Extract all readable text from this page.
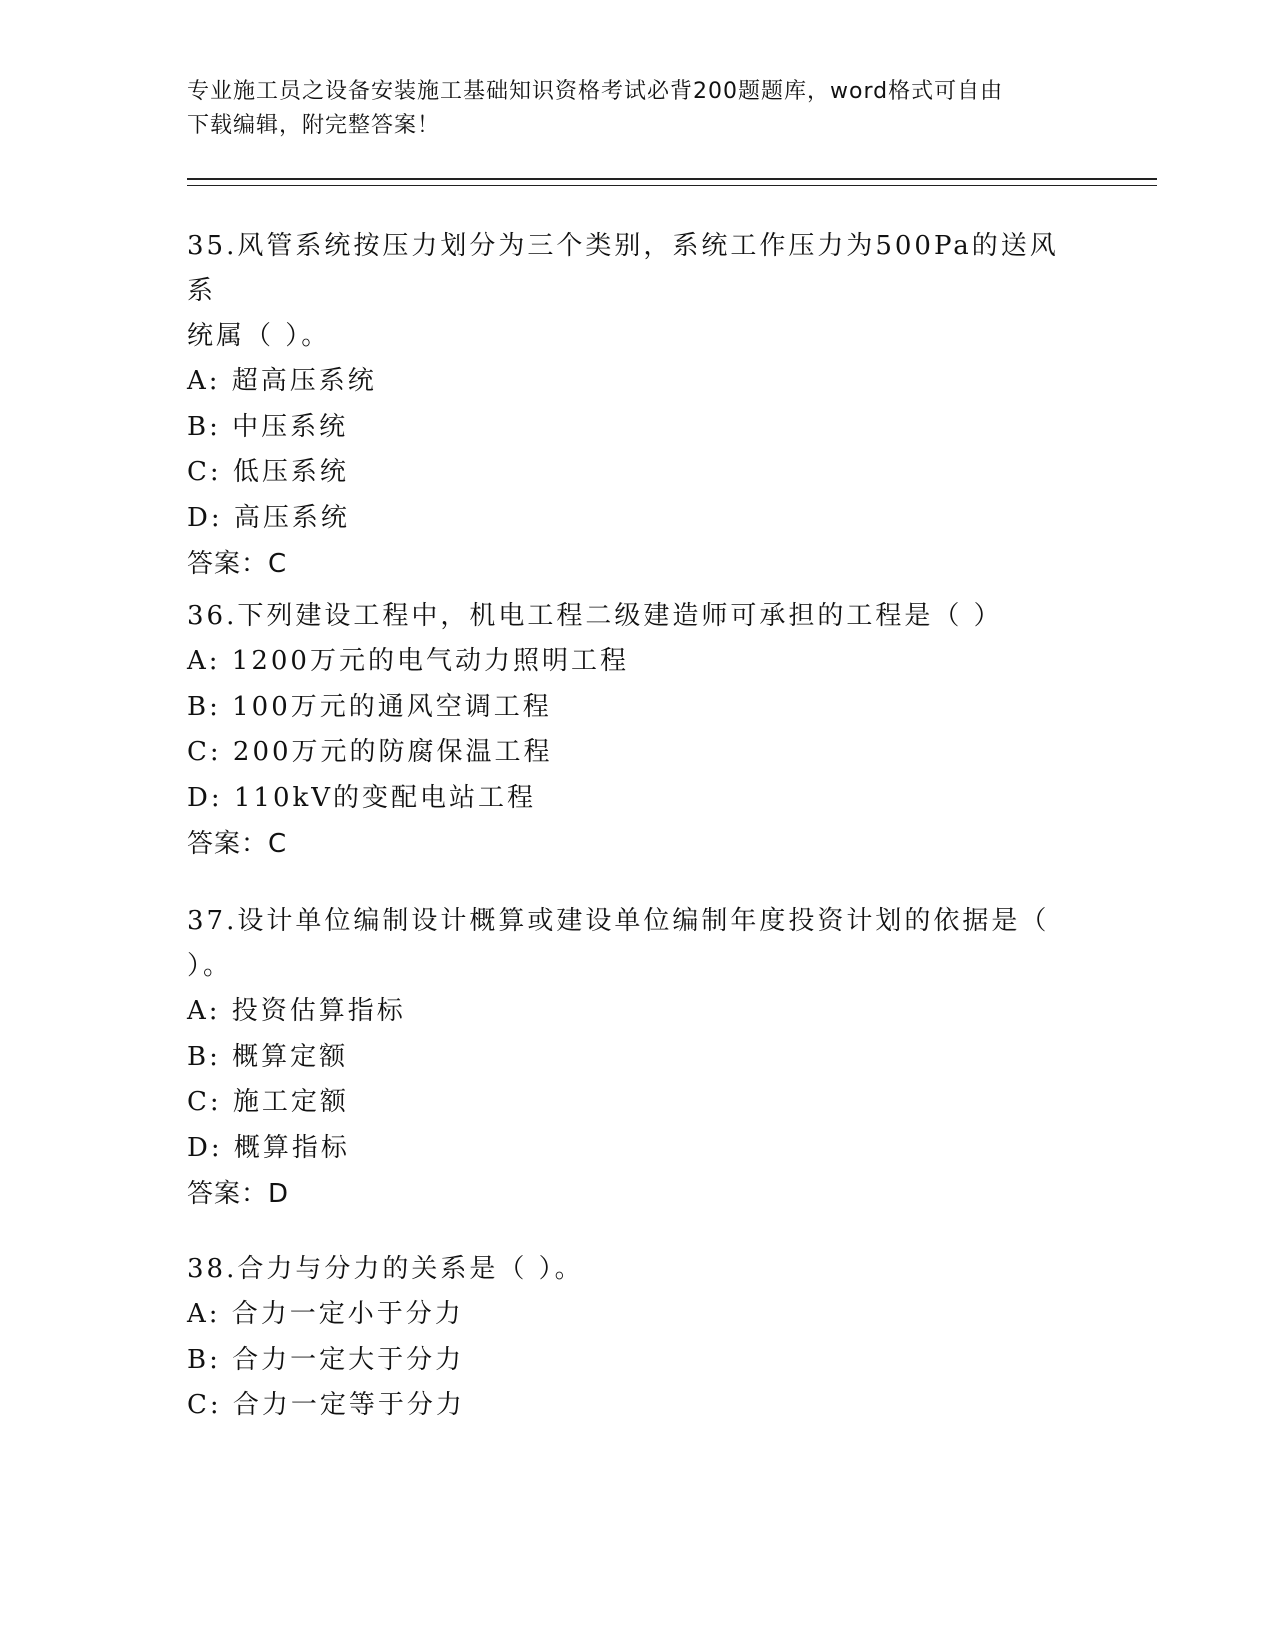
专业施工员之设备安装施工基础知识资格考试必背200题题库，word格式可自由
下载编辑，附完整答案！
35.风管系统按压力划分为三个类别，系统工作压力为500Pa的送风系
统属（ ）。
A: 超高压系统
B: 中压系统
C: 低压系统
D: 高压系统
答案：C
36.下列建设工程中，机电工程二级建造师可承担的工程是（ ）
A: 1200万元的电气动力照明工程
B: 100万元的通风空调工程
C: 200万元的防腐保温工程
D: 110kV的变配电站工程
答案：C
37.设计单位编制设计概算或建设单位编制年度投资计划的依据是（
）。
A: 投资估算指标
B: 概算定额
C: 施工定额
D: 概算指标
答案：D
38.合力与分力的关系是（ ）。
A: 合力一定小于分力
B: 合力一定大于分力
C: 合力一定等于分力
